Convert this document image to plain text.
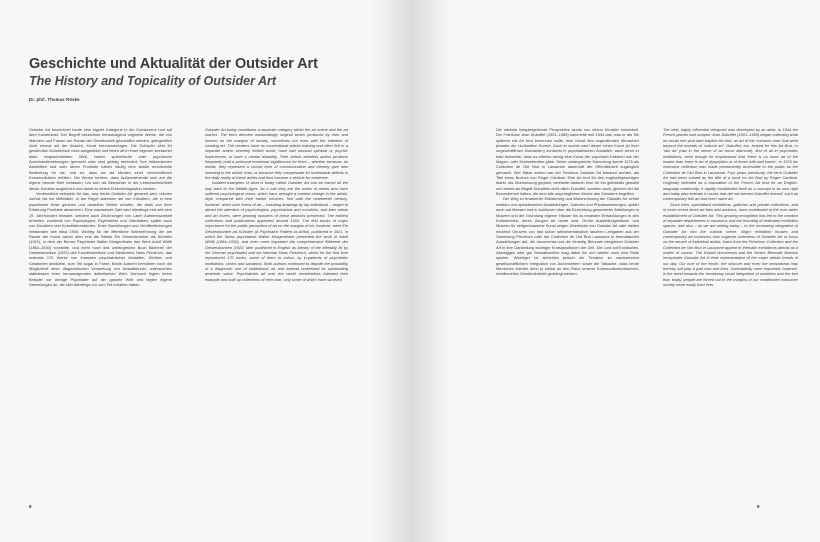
Geschichte und Aktualität der Outsider Art
The History and Topicality of Outsider Art
Dr. phil. Thomas Röske

Outsider Art bezeichnet heute eine eigene Kategorie in der Kunstszene und auf dem Kunstmarkt. Der Begriff bezeichnet herausragend originelle Werke, die von Männern und Frauen am Rande der Gesellschaft geschaffen werden, gelegentlich nicht einmal mit der Absicht, Kunst hervorzubringen. Die Schöpfer sind für gewöhnlich künstlerisch nicht ausgebildet und leben oft in einer eigenen seelischer stark eingeschränkten Welt, haben spielerische oder psychische Auseinandersetzungen gemacht oder sind geistig behindert. Ihre bildnerischen Aktivitäten und oder deren Produkte haben häufig eine starke emotionelle Bedeutung für sie, und es, dass sie als Medien einer vermeintlichen Kommunikation erfüllen. Die Werke fordern, dass Außenstehende sich auf die eigene fremde Welt einlassen, um sich als Betrachter in der Lebenswirklichkeit dieser Künstler angleichen und damit zu einem Erkenntnisgewinn werden.

Verdienstlich beispiele für das, was heute Outsider Art genannt wird, reichen zurück bis ins Mittelalter. In der Regel stammen sie von Künstlern, die in eine psychische Krise gerieten und daraufhin Werke schufen, die stark von ihrer Erfahrung Produkte abweichen. Eine wachsende Zahl wird allerdings erst seit dem 19. Jahrhundert bewahrt, seitdem auch Zeichnungen von Laien Aufmerksamkeit erhielten, zunächst von Psychologen, Psychiatern und Okkultisten, später auch von Künstlern und Kunstinteressierten. Erste Sammlungen und Veröffentlichungen entstanden seit etwa 1900. Wichtig für die öffentliche Wahrnehmung der am Rande der Kunst waren aber erst die Bände Ein Geisteskranker als Künstler (1921), in dem der Berner Psychiater Walter Morgenthaler das Werk Adolf Wölfli (1864–1930) vorstellte, und mehr noch das umfangreiche Buch Bildnerei der Geisteskranken (1922) des Kunsthistorikers und Mediziners Hans Prinzhorn, das erstmals 170 Werke von Insassen psychiatrischer Anstalten, Kliniken und Sanatorien abbildete, zum Teil sogar in Farbe. Beide Autoren bemühten noch die Möglichkeit einer diagnostischen Verwertung von Anstaltskunst, untersuchten stattdessen ihren herausragenden ästhetischen Wert. Dennoch fügten ihrem Beispiel nur wenige Psychiater auf der ganzen Welt und legten eigene Sammlungen an, die sich allerdings nur zum Teil erhalten haben.

Outsider Art today constitutes a separate category within the art scene and the art market. The term denotes outstandingly original works produced by men and women on the margins of society, sometimes not even with the intention of creating art. The creators have no conventional artistic training and often live in a separate and/or severely limited world, have had unusual spiritual or psychic experiences, or have a mental disability. Their artistic activities and/or products frequently hold a profound emotional significance for them – whether because, as media, they represent a crucial form of communication and thereby give new meaning to the artists' lives, or because they compensate for unbearable deficits in the daily reality of these artists and thus become a vehicle for existence.

Isolated examples of what is today called Outsider Art can be traced all the way back to the Middle Ages. As a rule they are the works of artists who have suffered psychological crises, which have wrought a marked change in the artists' style compared with their earlier oeuvres. Not until the nineteenth century, however, when such forms of art – including drawings by lay individuals – began to attract the attention of psychologists, psychiatrists and occultists, and later artists and art lovers, were growing numbers of these artworks preserved. The earliest collections and publications appeared around 1900. The first books of major importance for the public perception of art on the margins of art, however, were Ein Geisteskranker als Künstler (A Psychiatric Patient as Artist), published in 1921, in which the Swiss psychiatrist Walter Morgenthaler presented the work of Adolf Wölfli (1864–1930), and even more important the comprehensive Bildnerei der Geisteskranken (1922; later published in English as Artistry of the Mentally Ill) by the German psychiatrist and art historian Hans Prinzhorn, which for the first time reproduced 170 works, some of them in colour, by in-patients of psychiatric institutions, clinics and sanatoria. Both authors continued to dispute the possibility of a diagnostic use of institutional art and instead underlined its outstanding aesthetic value. Psychiatrists all over the world nevertheless followed their example and built up collections of their own, only some of which have survived.

8

Die nächste beispielgebende Perspektive wurde von einem Künstler entwickelt. Der Franzose Jean Dubuffet (1901–1985) sammelte seit 1944 das, was er als Teil späterer mit Art brut benennen sollte, eine Kunst des ungezähmten Menschen jenseits der «kulturellen Kunst». Auch er suchte nach dieser rohen Kunst (in ihrer ungeschliffenen Diamanten) zunächst in psychiatrischen Anstalten, auch wenn er bald bemerkte, dass es ebenso wenig eine Kunst der psychisch Kranken wie der Magen- oder Knieleidenden gäbe. Seine umfangreiche Sammlung wurde 1976 als Collection de l'Art Brut in Lausanne dauerhaft der Öffentlichkeit zugänglich gemacht. Wer Sätze wohen war der Terminus Outsider Art bekannt worden, als Titel eines Buches von Roger Cardinal. Eine Art brut für den englischsprachigen Markt. Als Übersetzung geplant, vereitelte dadurch eine für ihn gleichfalls gewählt und erhielt als Begriff Dubuffets nicht allein Dubuffet, sondern auch, gleicher Art die Besonderheit hatten, die eine alle ursprünglichen Werke des Outsiders begriffen.

Der Weg zu erweiterter Etablierung und Wahrnehmung der Outsider Art verlief seitdem von spezialisierten Ausstellungen, Galerien und Privatsammlungen, später auch auf Messen und in Auktionen über die Einrichtung gesonderter Abteilungen in Museen und der Gründung eigener Häuser bis zu neuesten Entwicklungen in den Kulturbetrieb, deren Zeugen wir heute sind. Große Ausstellungshäuser und Museen für zeitgenössische Kunst zeigen Überblicke von Outsider Art oder stellen einzelne Oeuvres vor; fast schon selbstverständlich tauchen Leihgaben aus der Sammlung Prinzhorn oder der Collection de l'Art Brut Lausanne in thematischen Ausstellungen auf, die documenta und die Venedig Biennale integrieren Outsider Art in ihre Darstellung wichtiger Kunstpositionen der Zeit. Die Lust auf Exotisches, Abwegiges oder gar Sensationelles mag dabei hin und wieder noch eine Rolle spielen. Wichtiger ist sicherlich jedoch die Tendenz zu wachsendem gesellschaftlichem Integration von Außenseitern sowie die Tatsache, dass heute Menschen leichter denn je selbst an den Rand unserer Kommunikationsformen, meditionellen Gewöhnlichkeit gedrängt werden.

The next, highly influential viewpoint was developed by an artist. In 1944 the French painter and sculptor Jean Dubuffet (1901–1985) began collecting what he would one year later baptise Art brut, an art of the 'common man' that went beyond the bounds of 'cultural art'. Dubuffet, too, looked for this Art Brut, or 'raw art' (raw in the sense of an uncut diamond), first of all in psychiatric institutions, even though he emphasised that 'there is no more art of the insane than there is art of dyspeptics or of those with bad knees'. In 1976 his extensive collection was made permanently accessible to the public as the Collection de l'Art Brut in Lausanne. Four years previously, the term Outsider Art had been coined as the title of a book on Art Brut by Roger Cardinal. Originally intended as a translation of the French Art brut for an English-language readership, it rapidly established itself as a concept in its own right and today also extends to works that did not interest Dubuffet himself, such as contemporary folk art and even naive art.

Since then, specialised exhibitions, galleries and private collections, and in more recent times art fairs and auctions, have contributed to the ever-wider establishment of Outsider Art. This growing recognition has led to the creation of separate departments in museums and the founding of dedicated exhibition spaces, and also – as we are seeing today – to the increasing integration of Outsider Art into the cultural scene. Major exhibition houses and contemporary art museums now organise overviews of Outsider Art or focus on the oeuvre of individual artists; loans from the Prinzhorn Collection and the Collection de l'Art Brut in Lausanne appear in thematic exhibitions almost as a matter of course. The Kassel documenta and the Venice Biennale likewise incorporate Outsider Art in their representation of the major artistic trends of our day. Our love of the exotic, the obscure and even the sensational may thereby still play a part now and then. Undoubtedly more important, however, is the trend towards the increasing social integration of outsiders and the fact that, today, people are forced out to the margins of our conditioned consumer society more easily than ever.

9
